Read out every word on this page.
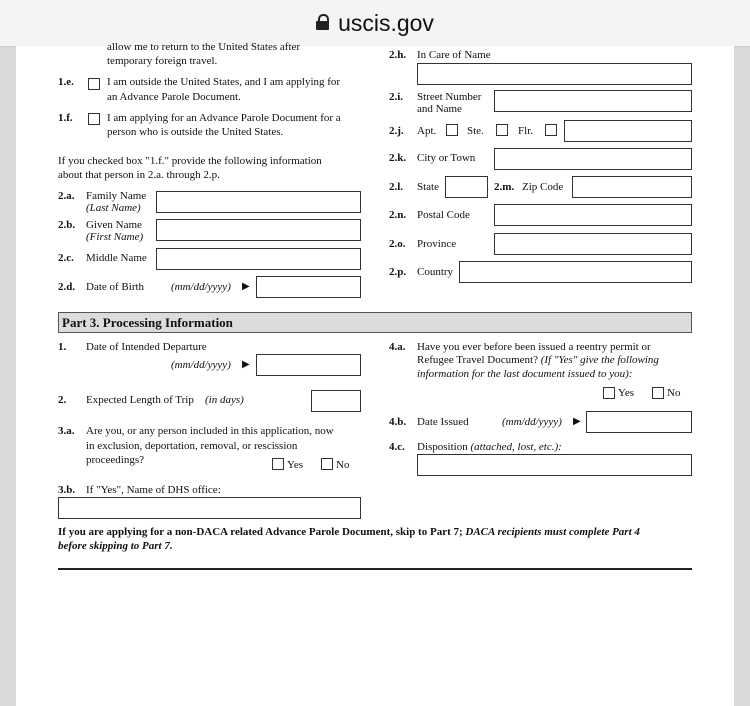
uscis.gov
allow me to return to the United States after
temporary foreign travel.
1.e.	I am outside the United States, and I am applying for
an Advance Parole Document.
1.f.	I am applying for an Advance Parole Document for a
person who is outside the United States.
If you checked box "1.f." provide the following information
about that person in 2.a. through 2.p.
2.a. Family Name
(Last Name)
2.b. Given Name
(First Name)
2.c. Middle Name
2.d. Date of Birth (mm/dd/yyyy) ▶
2.h. In Care of Name
2.i. Street Number
and Name
2.j. Apt.	Ste.	Flr.
2.k. City or Town
2.l. State	2.m. Zip Code
2.n. Postal Code
2.o. Province
2.p. Country
Part 3. Processing Information
1. Date of Intended Departure
(mm/dd/yyyy) ▶
2. Expected Length of Trip (in days)
3.a. Are you, or any person included in this application, now
in exclusion, deportation, removal, or rescission
proceedings?	Yes	No
3.b. If "Yes", Name of DHS office:
4.a. Have you ever before been issued a reentry permit or
Refugee Travel Document? (If "Yes" give the following
information for the last document issued to you):
Yes	No
4.b. Date Issued	(mm/dd/yyyy) ▶
4.c. Disposition (attached, lost, etc.):
If you are applying for a non-DACA related Advance Parole Document, skip to Part 7; DACA recipients must complete Part 4
before skipping to Part 7.
